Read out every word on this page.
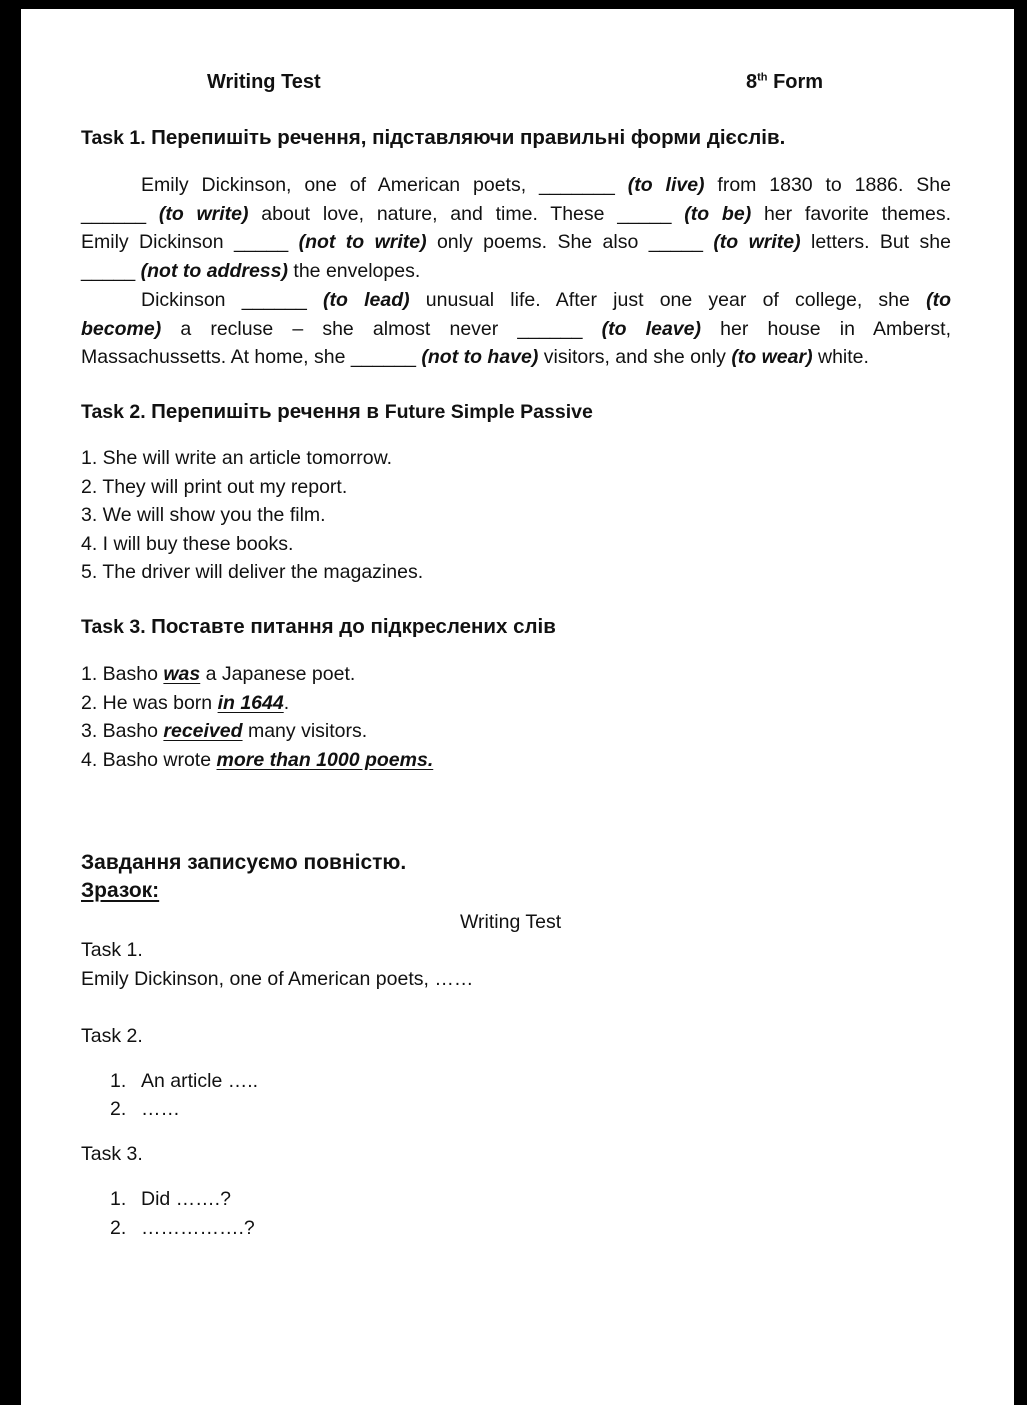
Writing Test	8th Form
Task 1. Перепишіть речення, підставляючи правильні форми дієслів.
Emily Dickinson, one of American poets, _______ (to live) from 1830 to 1886. She
______ (to write) about love, nature, and time. These _____ (to be) her favorite themes.
Emily Dickinson _____ (not to write) only poems. She also _____ (to write) letters. But she
_____ (not to address) the envelopes.
Dickinson ______ (to lead) unusual life. After just one year of college, she (to
become) a recluse – she almost never ______ (to leave) her house in Amberst,
Massachussetts. At home, she ______ (not to have) visitors, and she only (to wear) white.
Task 2. Перепишіть речення в Future Simple Passive
1. She will write an article tomorrow.
2. They will print out my report.
3. We will show you the film.
4. I will buy these books.
5. The driver will deliver the magazines.
Task 3. Поставте питання до підкреслених слів
1. Basho was a Japanese poet.
2. He was born in 1644.
3. Basho received many visitors.
4. Basho wrote more than 1000 poems.
Завдання записуємо повністю.
Зразок:
Writing Test
Task 1.
Emily Dickinson, one of American poets, ……
Task 2.
1. An article …..
2. ……
Task 3.
1. Did …….?
2. …………….?
